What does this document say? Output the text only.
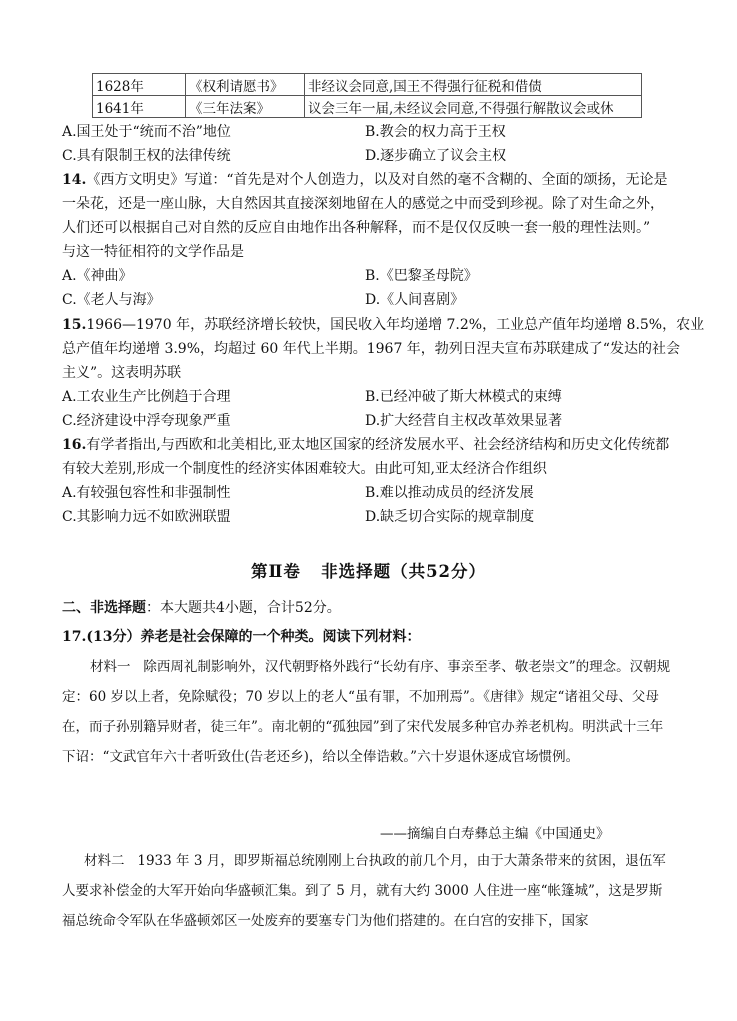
1628年	《权利请愿书》	非经议会同意,国王不得强行征税和借债
1641年	《三年法案》	议会三年一届,未经议会同意,不得强行解散议会或休
A.国王处于“统而不治”地位	B.教会的权力高于王权
C.具有限制王权的法律传统	D.逐步确立了议会主权
14.《西方文明史》写道：“首先是对个人创造力，以及对自然的毫不含糊的、全面的颂扬，无论是
一朵花，还是一座山脉，大自然因其直接深刻地留在人的感觉之中而受到珍视。除了对生命之外，
人们还可以根据自己对自然的反应自由地作出各种解释，而不是仅仅反映一套一般的理性法则。”
与这一特征相符的文学作品是
A.《神曲》	B.《巴黎圣母院》
C.《老人与海》	D.《人间喜剧》
15.1966—1970 年，苏联经济增长较快，国民收入年均递增 7.2%，工业总产值年均递增 8.5%，农业
总产值年均递增 3.9%，均超过 60 年代上半期。1967 年，勃列日涅夫宣布苏联建成了“发达的社会
主义”。这表明苏联
A.工农业生产比例趋于合理	B.已经冲破了斯大林模式的束缚
C.经济建设中浮夸现象严重	D.扩大经营自主权改革效果显著
16.有学者指出,与西欧和北美相比,亚太地区国家的经济发展水平、社会经济结构和历史文化传统都
有较大差别,形成一个制度性的经济实体困难较大。由此可知,亚太经济合作组织
A.有较强包容性和非强制性	B.难以推动成员的经济发展
C.其影响力远不如欧洲联盟	D.缺乏切合实际的规章制度
第Ⅱ卷   非选择题（共52分）
二、非选择题：本大题共4小题，合计52分。
17.(13分）养老是社会保障的一个种类。阅读下列材料：
材料一 除西周礼制影响外，汉代朝野格外践行“长幼有序、事亲至孝、敬老崇文”的理念。汉朝规定：60 岁以上者，免除赋役；70 岁以上的老人“虽有罪，不加刑焉”。《唐律》规定“诸祖父母、父母在，而子孙别籍异财者，徒三年”。南北朝的“孤独园”到了宋代发展多种官办养老机构。明洪武十三年下诏：“文武官年六十者听致仕(告老还乡)，给以全俸诰敕。”六十岁退休逐成官场惯例。
——摘编自白寿彝总主编《中国通史》
材料二 1933 年 3 月，即罗斯福总统刚刚上台执政的前几个月，由于大萧条带来的贫困，退伍军人要求补偿金的大军开始向华盛顿汇集。到了 5 月，就有大约 3000 人住进一座“帐篷城”，这是罗斯福总统命令军队在华盛顿郊区一处废弃的要塞专门为他们搭建的。在白宫的安排下，国家
